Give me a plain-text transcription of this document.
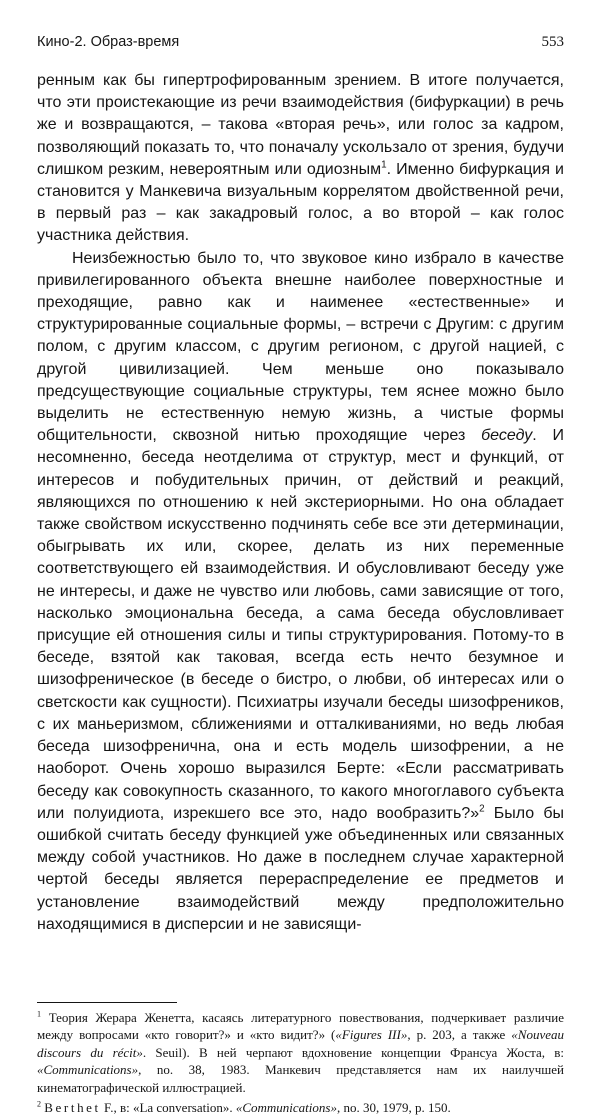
Кино-2. Образ-время	553

ренным как бы гипертрофированным зрением. В итоге получается, что эти проистекающие из речи взаимодействия (бифуркации) в речь же и возвращаются, – такова «вторая речь», или голос за кадром, позволяющий показать то, что поначалу ускользало от зрения, будучи слишком резким, невероятным или одиозным$^1$. Именно бифуркация и становится у Манкевича визуальным коррелятом двойственной речи, в первый раз – как закадровый голос, а во второй – как голос участника действия.

Неизбежностью было то, что звуковое кино избрало в качестве привилегированного объекта внешне наиболее поверхностные и преходящие, равно как и наименее «естественные» и структурированные социальные формы, – встречи с Другим: с другим полом, с другим классом, с другим регионом, с другой нацией, с другой цивилизацией. Чем меньше оно показывало предсуществующие социальные структуры, тем яснее можно было выделить не естественную немую жизнь, а чистые формы общительности, сквозной нитью проходящие через беседу. И несомненно, беседа неотделима от структур, мест и функций, от интересов и побудительных причин, от действий и реакций, являющихся по отношению к ней экстериорными. Но она обладает также свойством искусственно подчинять себе все эти детерминации, обыгрывать их или, скорее, делать из них переменные соответствующего ей взаимодействия. И обусловливают беседу уже не интересы, и даже не чувство или любовь, сами зависящие от того, насколько эмоциональна беседа, а сама беседа обусловливает присущие ей отношения силы и типы структурирования. Потому-то в беседе, взятой как таковая, всегда есть нечто безумное и шизофреническое (в беседе о бистро, о любви, об интересах или о светскости как сущности). Психиатры изучали беседы шизофреников, с их маньеризмом, сближениями и отталкиваниями, но ведь любая беседа шизофренична, она и есть модель шизофрении, а не наоборот. Очень хорошо выразился Берте: «Если рассматривать беседу как совокупность сказанного, то какого многоглавого субъекта или полуидиота, изрекшего все это, надо вообразить?»$^2$ Было бы ошибкой считать беседу функцией уже объединенных или связанных между собой участников. Но даже в последнем случае характерной чертой беседы является перераспределение ее предметов и установление взаимодействий между предположительно находящимися в дисперсии и не зависящи-

$^1$ Теория Жерара Женетта, касаясь литературного повествования, подчеркивает различие между вопросами «кто говорит?» и «кто видит?» («Figures III», p. 203, а также «Nouveau discours du récit». Seuil). В ней черпают вдохновение концепции Франсуа Жоста, в: «Communications», no. 38, 1983. Манкевич представляется нам их наилучшей кинематографической иллюстрацией.

$^2$ Berthet F., в: «La conversation». «Communications», no. 30, 1979, p. 150.
